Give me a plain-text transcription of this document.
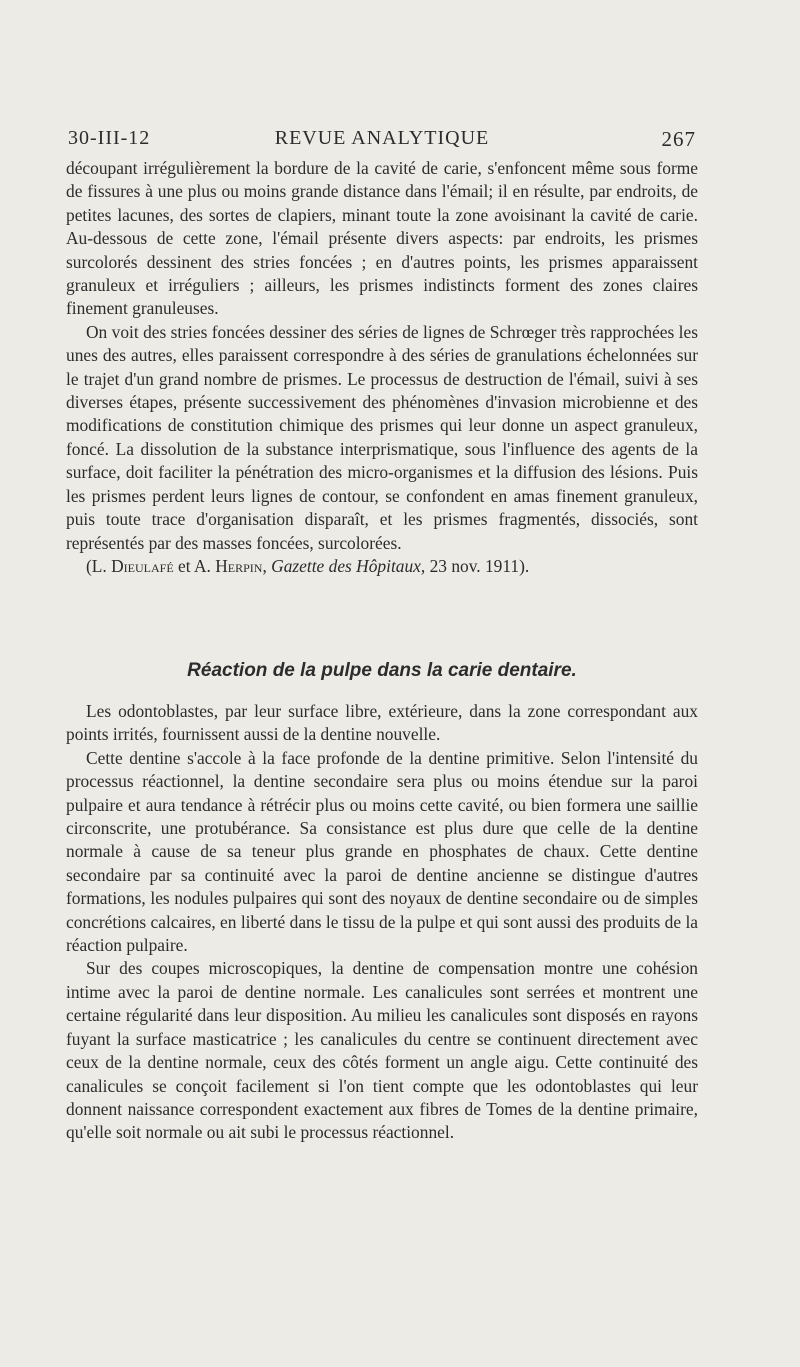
30-III-12	REVUE ANALYTIQUE	267

découpant irrégulièrement la bordure de la cavité de carie, s'enfoncent même sous forme de fissures à une plus ou moins grande distance dans l'émail; il en résulte, par endroits, de petites lacunes, des sortes de clapiers, minant toute la zone avoisinant la cavité de carie. Au-dessous de cette zone, l'émail présente divers aspects: par endroits, les prismes surcolorés dessinent des stries foncées ; en d'autres points, les prismes apparaissent granuleux et irréguliers ; ailleurs, les prismes indistincts forment des zones claires finement granuleuses.

On voit des stries foncées dessiner des séries de lignes de Schrœger très rapprochées les unes des autres, elles paraissent correspondre à des séries de granulations échelonnées sur le trajet d'un grand nombre de prismes. Le processus de destruction de l'émail, suivi à ses diverses étapes, présente successivement des phénomènes d'invasion microbienne et des modifications de constitution chimique des prismes qui leur donne un aspect granuleux, foncé. La dissolution de la substance interprismatique, sous l'influence des agents de la surface, doit faciliter la pénétration des micro-organismes et la diffusion des lésions. Puis les prismes perdent leurs lignes de contour, se confondent en amas finement granuleux, puis toute trace d'organisation disparaît, et les prismes fragmentés, dissociés, sont représentés par des masses foncées, surcolorées.

(L. Dieulafé et A. Herpin, Gazette des Hôpitaux, 23 nov. 1911).

Réaction de la pulpe dans la carie dentaire.

Les odontoblastes, par leur surface libre, extérieure, dans la zone correspondant aux points irrités, fournissent aussi de la dentine nouvelle.

Cette dentine s'accole à la face profonde de la dentine primitive. Selon l'intensité du processus réactionnel, la dentine secondaire sera plus ou moins étendue sur la paroi pulpaire et aura tendance à rétrécir plus ou moins cette cavité, ou bien formera une saillie circonscrite, une protubérance. Sa consistance est plus dure que celle de la dentine normale à cause de sa teneur plus grande en phosphates de chaux. Cette dentine secondaire par sa continuité avec la paroi de dentine ancienne se distingue d'autres formations, les nodules pulpaires qui sont des noyaux de dentine secondaire ou de simples concrétions calcaires, en liberté dans le tissu de la pulpe et qui sont aussi des produits de la réaction pulpaire.

Sur des coupes microscopiques, la dentine de compensation montre une cohésion intime avec la paroi de dentine normale. Les canalicules sont serrées et montrent une certaine régularité dans leur disposition. Au milieu les canalicules sont disposés en rayons fuyant la surface masticatrice ; les canalicules du centre se continuent directement avec ceux de la dentine normale, ceux des côtés forment un angle aigu. Cette continuité des canalicules se conçoit facilement si l'on tient compte que les odontoblastes qui leur donnent naissance correspondent exactement aux fibres de Tomes de la dentine primaire, qu'elle soit normale ou ait subi le processus réactionnel.
